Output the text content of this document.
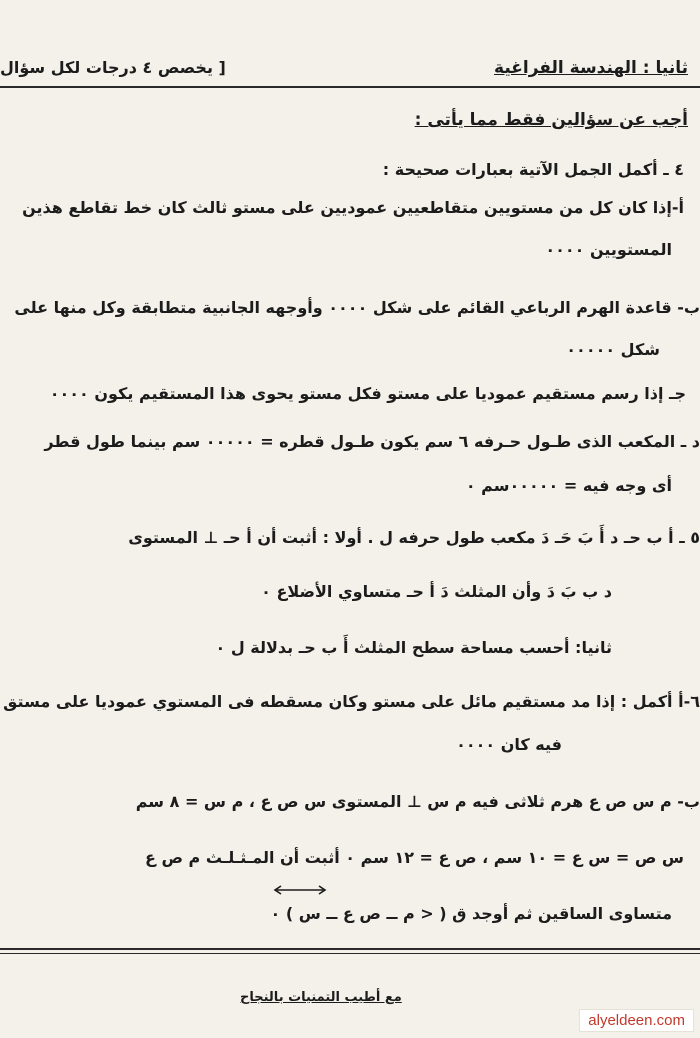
ثانيا : الهندسة الفراغية
[ يخصص ٤ درجات لكل سؤال
أجب عن سؤالين فقط مما يأتى :
٤ ـ أكمل الجمل الآتية بعبارات صحيحة :
أ-إذا كان كل من مستويين متقاطعيين عموديين على مستو ثالث كان خط تقاطع هذين
المستويين ٠٠٠٠
ب- قاعدة الهرم الرباعي القائم على شكل ٠٠٠٠ وأوجهه الجانبية متطابقة وكل منها على
شكل ٠٠٠٠٠
جـ إذا رسم مستقيم عموديا على مستو فكل مستو يحوى هذا المستقيم يكون ٠٠٠٠
د ـ المكعب الذى طـول حـرفه ٦ سم يكون طـول قطره = ٠٠٠٠٠ سم بينما طول قطر
أى وجه فيه = ٠٠٠٠٠سم ٠
٥ ـ أ ب حـ د أَ بَ حَـ دَ مكعب طول حرفه ل . أولا : أثبت أن أ حـ ⊥ المستوى
د ب بَ دَ وأن المثلث دَ أ حـ متساوي الأضلاع ٠
ثانيا: أحسب مساحة سطح المثلث أَ ب حـ بدلالة ل ٠
٦-أ أكمل : إذا مد مستقيم مائل على مستو وكان مسقطه فى المستوي عموديا على مستق
فيه كان ٠٠٠٠
ب- م س ص ع هرم ثلاثى فيه م س ⊥ المستوى س ص ع ، م س = ٨ سم
س ص = س ع = ١٠ سم ، ص ع = ١٢ سم ٠ أثبت أن المـثـلـث م ص ع
متساوى الساقين ثم أوجد ق ( < م ــ ص ع ــ س ) ٠
مع أطيب التمنيات بالنجاح
alyeldeen.com
